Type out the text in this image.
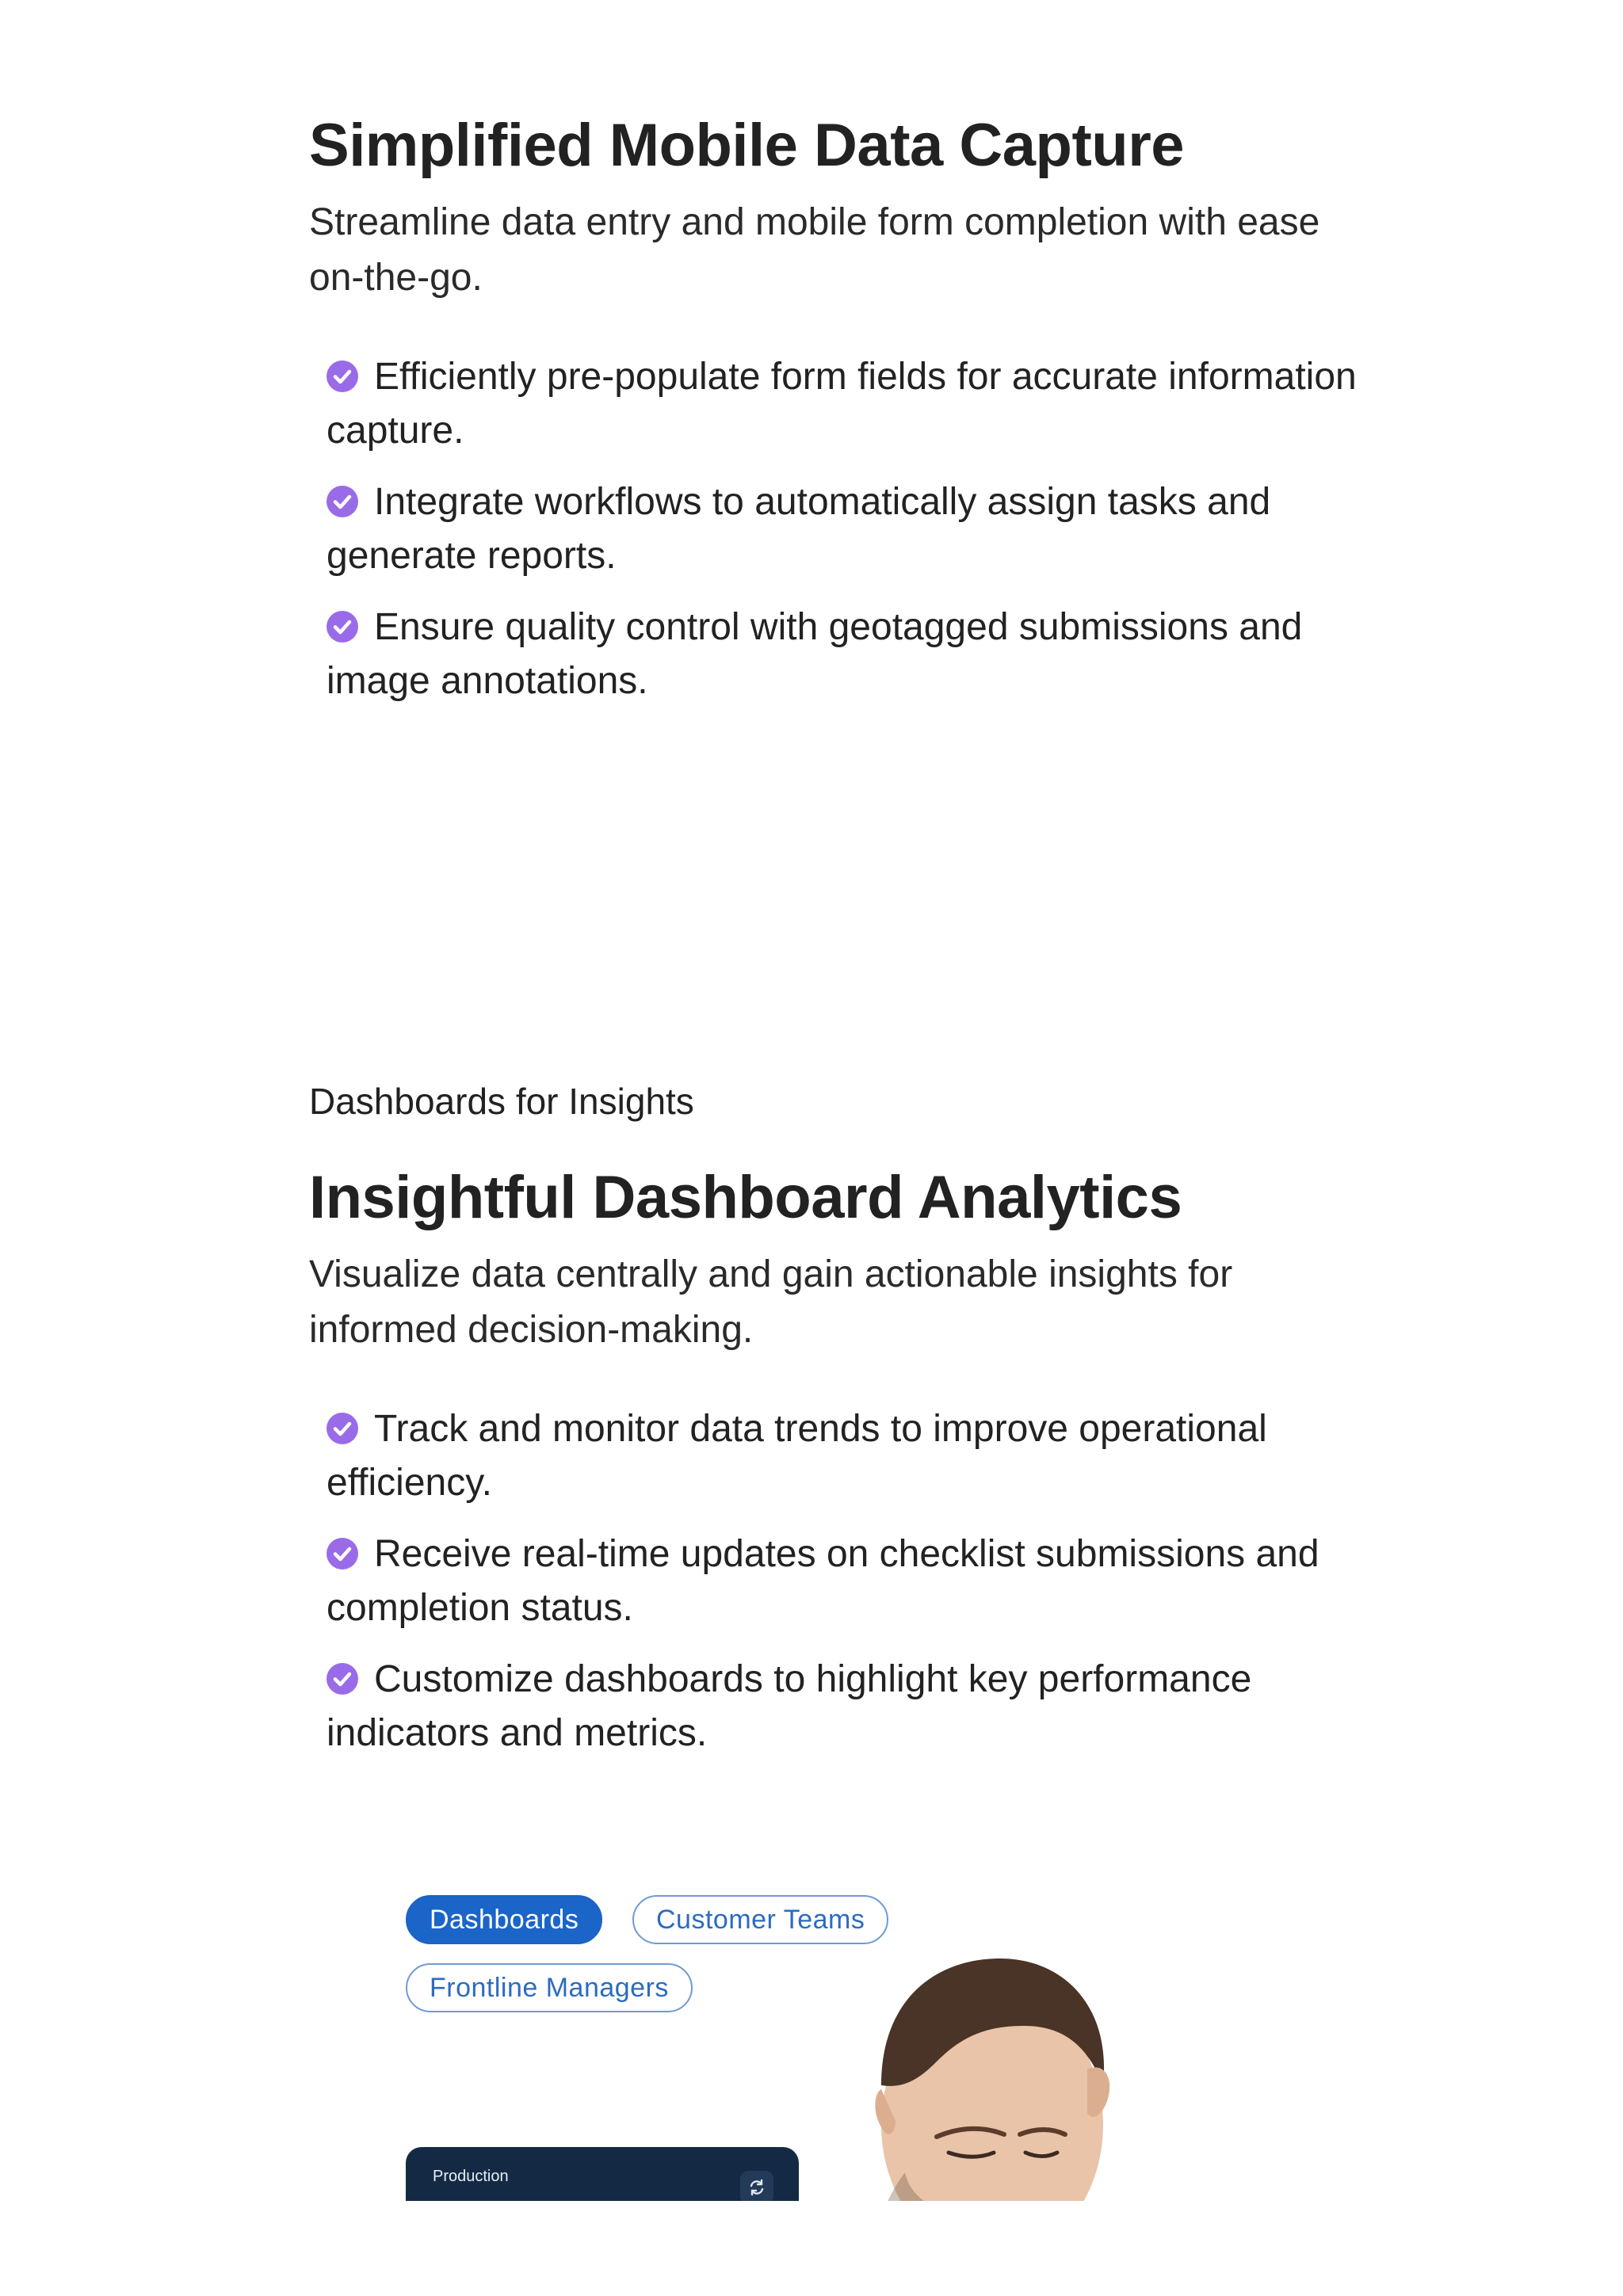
Simplified Mobile Data Capture

Streamline data entry and mobile form completion with ease on-the-go.

Efficiently pre-populate form fields for accurate information capture.
Integrate workflows to automatically assign tasks and generate reports.
Ensure quality control with geotagged submissions and image annotations.

Dashboards for Insights

Insightful Dashboard Analytics

Visualize data centrally and gain actionable insights for informed decision-making.

Track and monitor data trends to improve operational efficiency.
Receive real-time updates on checklist submissions and completion status.
Customize dashboards to highlight key performance indicators and metrics.
Dashboards	Customer Teams
Frontline Managers
Production
